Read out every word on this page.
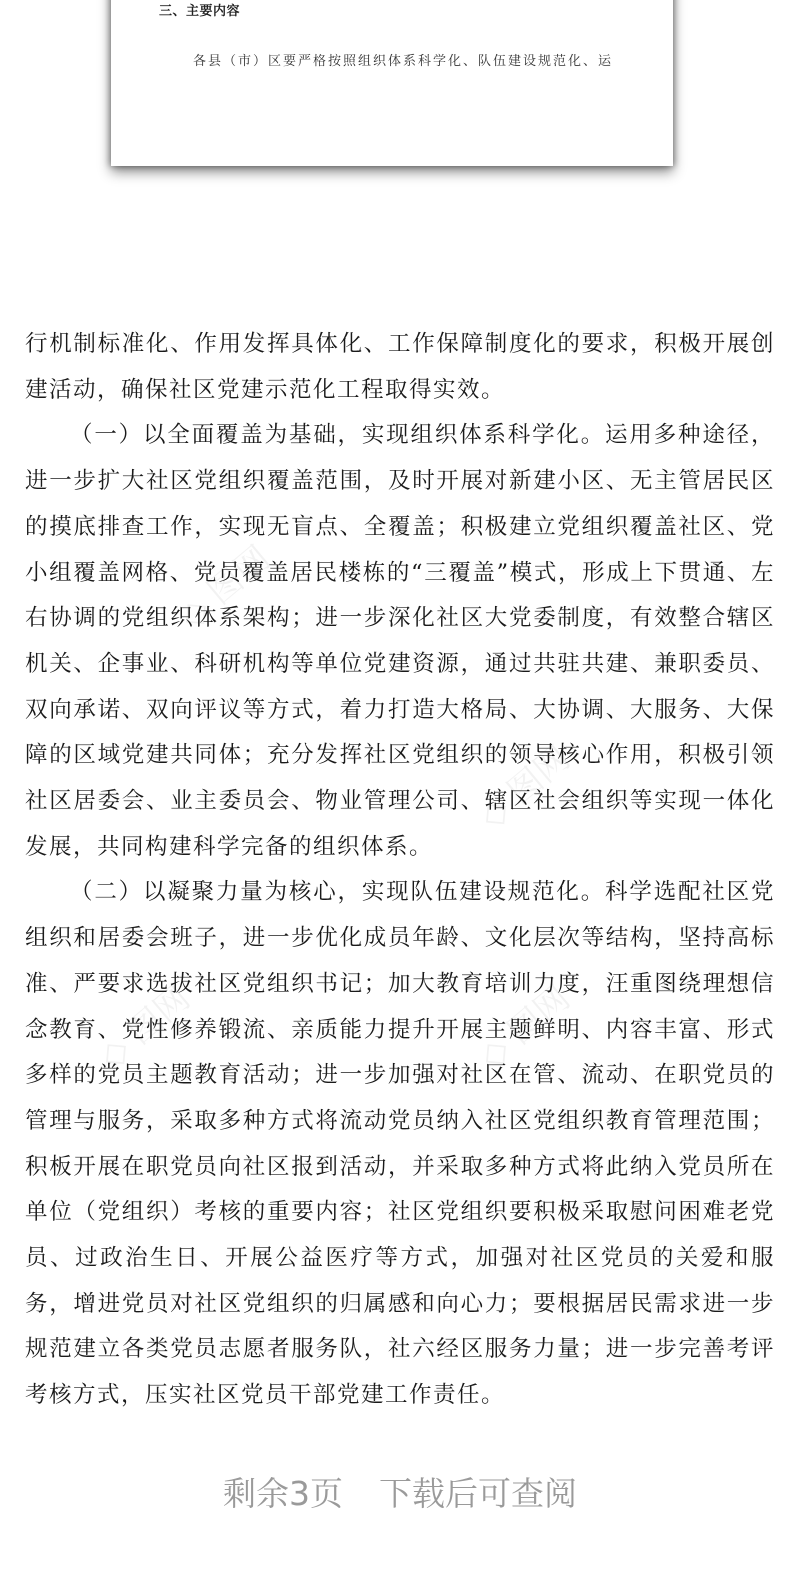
三、主要内容
各县（市）区要严格按照组织体系科学化、队伍建设规范化、运
◇ 图网
◇ 图网
◇ 图网	◇ 图网

行机制标准化、作用发挥具体化、工作保障制度化的要求，积极开展创建活动，确保社区党建示范化工程取得实效。

（一）以全面覆盖为基础，实现组织体系科学化。运用多种途径，进一步扩大社区党组织覆盖范围，及时开展对新建小区、无主管居民区的摸底排查工作，实现无盲点、全覆盖；积极建立党组织覆盖社区、党小组覆盖网格、党员覆盖居民楼栋的“三覆盖”模式，形成上下贯通、左右协调的党组织体系架构；进一步深化社区大党委制度，有效整合辖区机关、企事业、科研机构等单位党建资源，通过共驻共建、兼职委员、双向承诺、双向评议等方式，着力打造大格局、大协调、大服务、大保障的区域党建共同体；充分发挥社区党组织的领导核心作用，积极引领社区居委会、业主委员会、物业管理公司、辖区社会组织等实现一体化发展，共同构建科学完备的组织体系。

（二）以凝聚力量为核心，实现队伍建设规范化。科学选配社区党组织和居委会班子，进一步优化成员年龄、文化层次等结构，坚持高标准、严要求选拔社区党组织书记；加大教育培训力度，汪重图绕理想信念教育、党性修养锻流、亲质能力提升开展主题鲜明、内容丰富、形式多样的党员主题教育活动；进一步加强对社区在管、流动、在职党员的管理与服务，采取多种方式将流动党员纳入社区党组织教育管理范围；积板开展在职党员向社区报到活动，并采取多种方式将此纳入党员所在单位（党组织）考核的重要内容；社区党组织要积极采取慰问困难老党员、过政治生日、开展公益医疗等方式，加强对社区党员的关爱和服务，增进党员对社区党组织的归属感和向心力；要根据居民需求进一步规范建立各类党员志愿者服务队，社六经区服务力量；进一步完善考评考核方式，压实社区党员干部党建工作责任。

剩余3页 下载后可查阅
